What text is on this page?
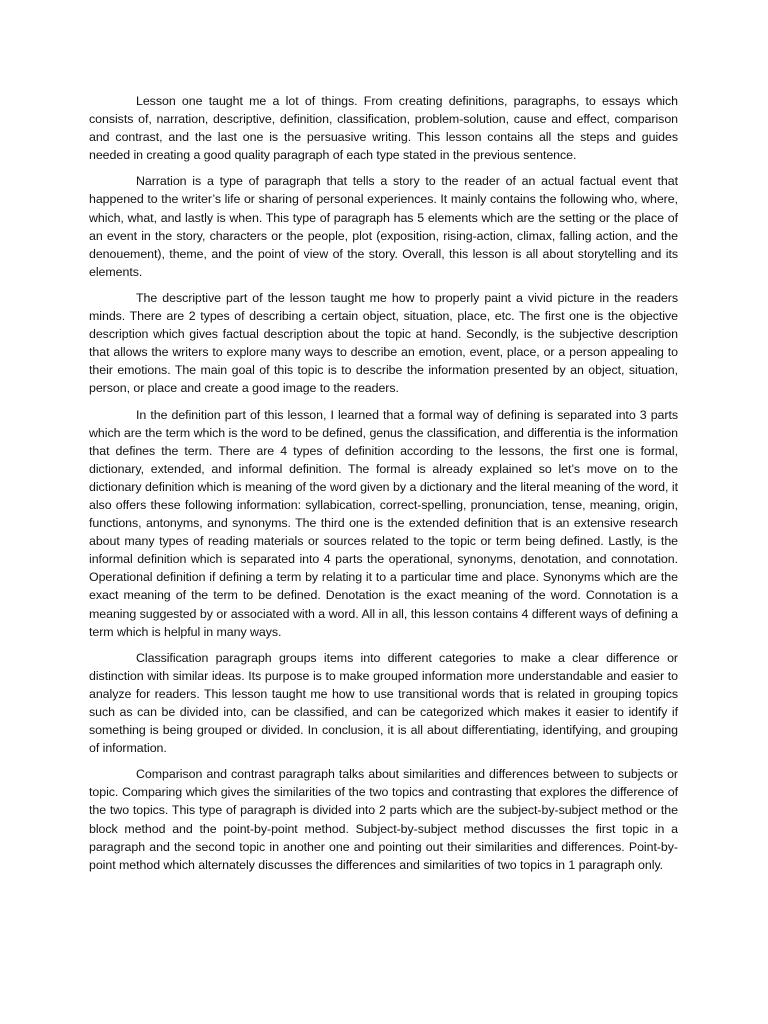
Lesson one taught me a lot of things. From creating definitions, paragraphs, to essays which consists of, narration, descriptive, definition, classification, problem-solution, cause and effect, comparison and contrast, and the last one is the persuasive writing. This lesson contains all the steps and guides needed in creating a good quality paragraph of each type stated in the previous sentence.

Narration is a type of paragraph that tells a story to the reader of an actual factual event that happened to the writer’s life or sharing of personal experiences. It mainly contains the following who, where, which, what, and lastly is when. This type of paragraph has 5 elements which are the setting or the place of an event in the story, characters or the people, plot (exposition, rising-action, climax, falling action, and the denouement), theme, and the point of view of the story. Overall, this lesson is all about storytelling and its elements.

The descriptive part of the lesson taught me how to properly paint a vivid picture in the readers minds. There are 2 types of describing a certain object, situation, place, etc. The first one is the objective description which gives factual description about the topic at hand. Secondly, is the subjective description that allows the writers to explore many ways to describe an emotion, event, place, or a person appealing to their emotions. The main goal of this topic is to describe the information presented by an object, situation, person, or place and create a good image to the readers.

In the definition part of this lesson, I learned that a formal way of defining is separated into 3 parts which are the term which is the word to be defined, genus the classification, and differentia is the information that defines the term. There are 4 types of definition according to the lessons, the first one is formal, dictionary, extended, and informal definition. The formal is already explained so let’s move on to the dictionary definition which is meaning of the word given by a dictionary and the literal meaning of the word, it also offers these following information: syllabication, correct-spelling, pronunciation, tense, meaning, origin, functions, antonyms, and synonyms. The third one is the extended definition that is an extensive research about many types of reading materials or sources related to the topic or term being defined. Lastly, is the informal definition which is separated into 4 parts the operational, synonyms, denotation, and connotation. Operational definition if defining a term by relating it to a particular time and place. Synonyms which are the exact meaning of the term to be defined. Denotation is the exact meaning of the word. Connotation is a meaning suggested by or associated with a word. All in all, this lesson contains 4 different ways of defining a term which is helpful in many ways.

Classification paragraph groups items into different categories to make a clear difference or distinction with similar ideas. Its purpose is to make grouped information more understandable and easier to analyze for readers. This lesson taught me how to use transitional words that is related in grouping topics such as can be divided into, can be classified, and can be categorized which makes it easier to identify if something is being grouped or divided. In conclusion, it is all about differentiating, identifying, and grouping of information.

Comparison and contrast paragraph talks about similarities and differences between to subjects or topic. Comparing which gives the similarities of the two topics and contrasting that explores the difference of the two topics. This type of paragraph is divided into 2 parts which are the subject-by-subject method or the block method and the point-by-point method. Subject-by-subject method discusses the first topic in a paragraph and the second topic in another one and pointing out their similarities and differences. Point-by-point method which alternately discusses the differences and similarities of two topics in 1 paragraph only.
